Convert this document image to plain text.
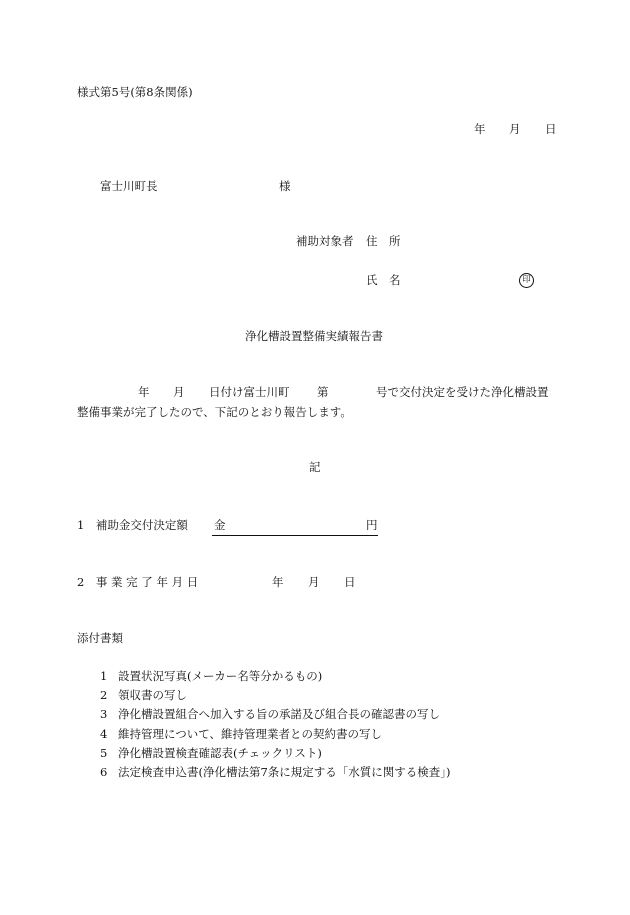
様式第5号(第8条関係)
年 月 日
富士川町長	様
補助対象者 住　所
氏　名	印
浄化槽設置整備実績報告書
年 月 日付け富士川町 第	号で交付決定を受けた浄化槽設置
整備事業が完了したので、下記のとおり報告します。
記
1　補助金交付決定額 金	円
2　事 業 完 了 年 月 日	年 月 日
添付書類
1 設置状況写真(メーカー名等分かるもの)
2 領収書の写し
3 浄化槽設置組合へ加入する旨の承諾及び組合長の確認書の写し
4 維持管理について、維持管理業者との契約書の写し
5 浄化槽設置検査確認表(チェックリスト)
6 法定検査申込書(浄化槽法第7条に規定する「水質に関する検査」)
